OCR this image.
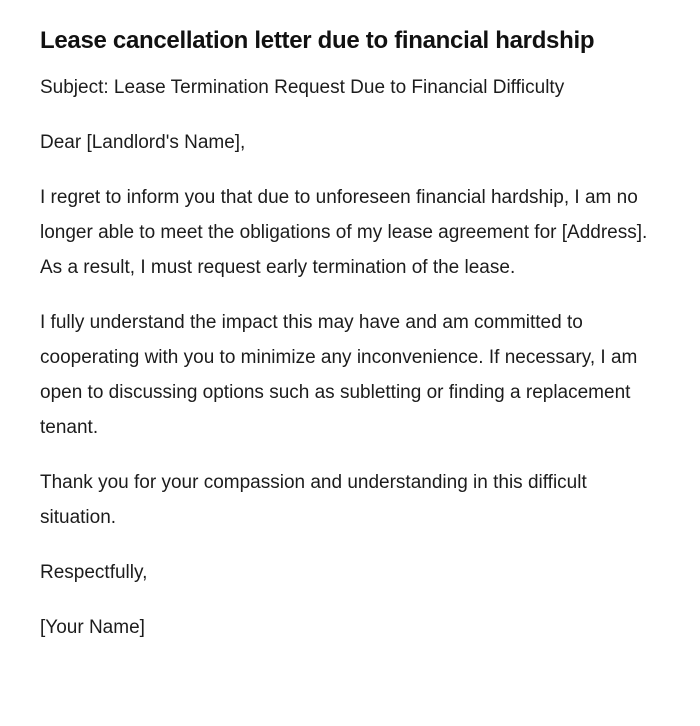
Lease cancellation letter due to financial hardship

Subject: Lease Termination Request Due to Financial Difficulty

Dear [Landlord's Name],

I regret to inform you that due to unforeseen financial hardship, I am no longer able to meet the obligations of my lease agreement for [Address]. As a result, I must request early termination of the lease.

I fully understand the impact this may have and am committed to cooperating with you to minimize any inconvenience. If necessary, I am open to discussing options such as subletting or finding a replacement tenant.

Thank you for your compassion and understanding in this difficult situation.

Respectfully,

[Your Name]
